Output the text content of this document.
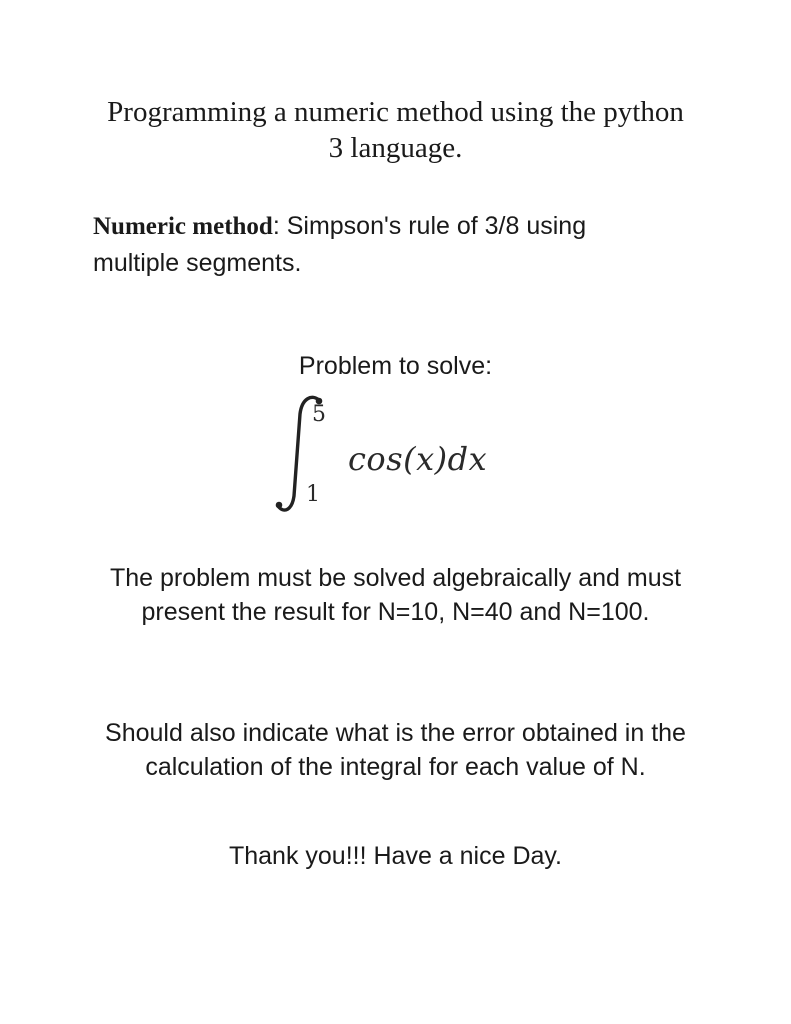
Programming a numeric method using the python
3 language.
Numeric method: Simpson's rule of 3/8 using multiple segments.
Problem to solve:
5
1
cos(x)dx
The problem must be solved algebraically and must present the result for N=10, N=40 and N=100.
Should also indicate what is the error obtained in the calculation of the integral for each value of N.
Thank you!!! Have a nice Day.
